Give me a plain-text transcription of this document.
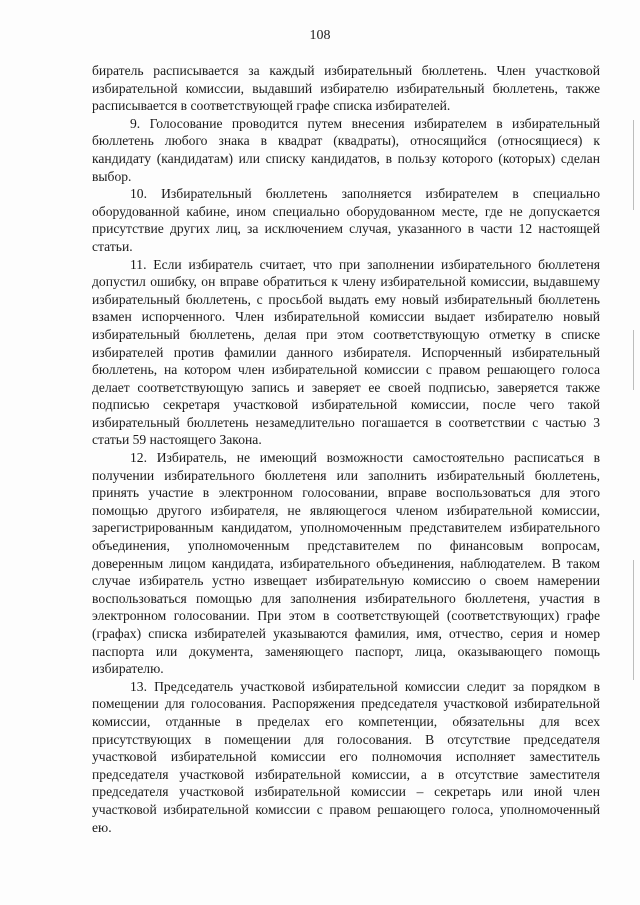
108

биратель расписывается за каждый избирательный бюллетень. Член участковой избирательной комиссии, выдавший избирателю избирательный бюллетень, также расписывается в соответствующей графе списка избирателей.

9. Голосование проводится путем внесения избирателем в избирательный бюллетень любого знака в квадрат (квадраты), относящийся (относящиеся) к кандидату (кандидатам) или списку кандидатов, в пользу которого (которых) сделан выбор.

10. Избирательный бюллетень заполняется избирателем в специально оборудованной кабине, ином специально оборудованном месте, где не допускается присутствие других лиц, за исключением случая, указанного в части 12 настоящей статьи.

11. Если избиратель считает, что при заполнении избирательного бюллетеня допустил ошибку, он вправе обратиться к члену избирательной комиссии, выдавшему избирательный бюллетень, с просьбой выдать ему новый избирательный бюллетень взамен испорченного. Член избирательной комиссии выдает избирателю новый избирательный бюллетень, делая при этом соответствующую отметку в списке избирателей против фамилии данного избирателя. Испорченный избирательный бюллетень, на котором член избирательной комиссии с правом решающего голоса делает соответствующую запись и заверяет ее своей подписью, заверяется также подписью секретаря участковой избирательной комиссии, после чего такой избирательный бюллетень незамедлительно погашается в соответствии с частью 3 статьи 59 настоящего Закона.

12. Избиратель, не имеющий возможности самостоятельно расписаться в получении избирательного бюллетеня или заполнить избирательный бюллетень, принять участие в электронном голосовании, вправе воспользоваться для этого помощью другого избирателя, не являющегося членом избирательной комиссии, зарегистрированным кандидатом, уполномоченным представителем избирательного объединения, уполномоченным представителем по финансовым вопросам, доверенным лицом кандидата, избирательного объединения, наблюдателем. В таком случае избиратель устно извещает избирательную комиссию о своем намерении воспользоваться помощью для заполнения избирательного бюллетеня, участия в электронном голосовании. При этом в соответствующей (соответствующих) графе (графах) списка избирателей указываются фамилия, имя, отчество, серия и номер паспорта или документа, заменяющего паспорт, лица, оказывающего помощь избирателю.

13. Председатель участковой избирательной комиссии следит за порядком в помещении для голосования. Распоряжения председателя участковой избирательной комиссии, отданные в пределах его компетенции, обязательны для всех присутствующих в помещении для голосования. В отсутствие председателя участковой избирательной комиссии его полномочия исполняет заместитель председателя участковой избирательной комиссии, а в отсутствие заместителя председателя участковой избирательной комиссии – секретарь или иной член участковой избирательной комиссии с правом решающего голоса, уполномоченный ею.
